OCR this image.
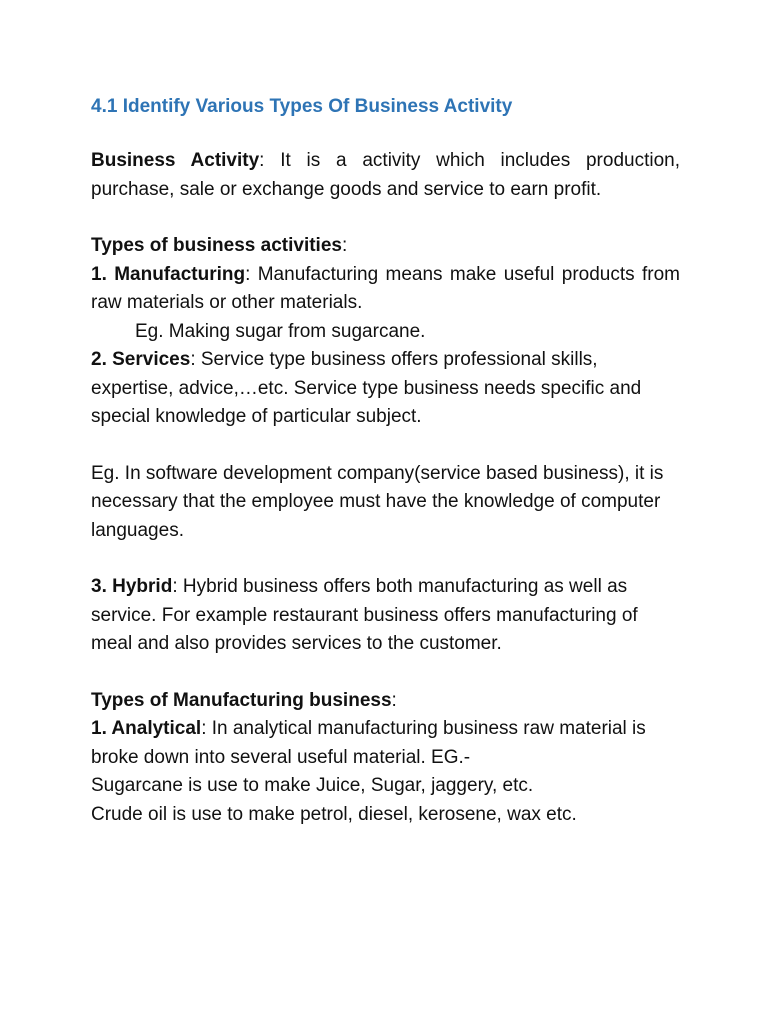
4.1 Identify Various Types Of Business Activity

Business Activity: It is a activity which includes production, purchase, sale or exchange goods and service to earn profit.

Types of business activities:

1. Manufacturing: Manufacturing means make useful products from raw materials or other materials.

Eg. Making sugar from sugarcane.

2. Services: Service type business offers professional skills, expertise, advice,…etc. Service type business needs specific and special knowledge of particular subject.

Eg. In software development company(service based business), it is necessary that the employee must have the knowledge of computer languages.

3. Hybrid: Hybrid business offers both manufacturing as well as service. For example restaurant business offers manufacturing of meal and also provides services to the customer.

Types of Manufacturing business:

1. Analytical: In analytical manufacturing business raw material is broke down into several useful material. EG.-

Sugarcane is use to make Juice, Sugar, jaggery, etc.

Crude oil is use to make petrol, diesel, kerosene, wax etc.
